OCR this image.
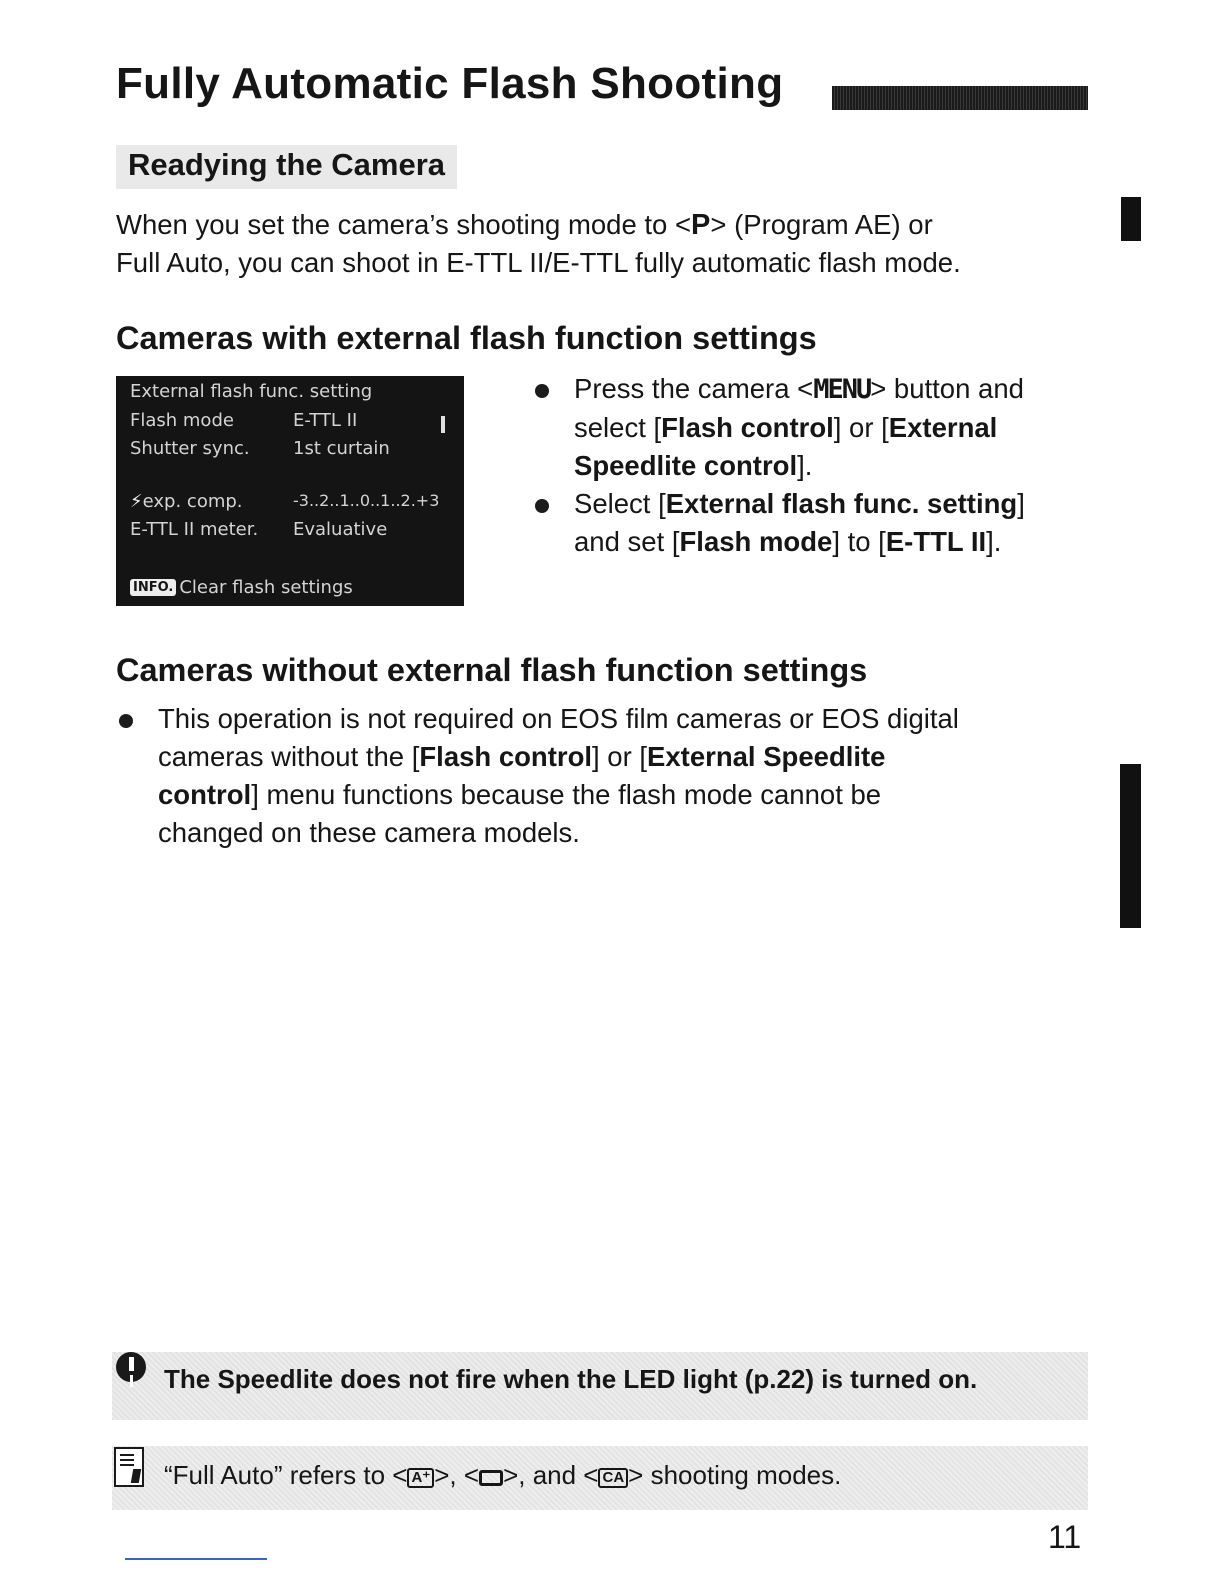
Fully Automatic Flash Shooting
Readying the Camera
When you set the camera’s shooting mode to <P> (Program AE) or
Full Auto, you can shoot in E-TTL II/E-TTL fully automatic flash mode.
Cameras with external flash function settings
External flash func. setting
Flash mode	E-TTL II
Shutter sync. 1st curtain
⚡exp. comp.	-3..2..1..0..1..2.+3
E-TTL II meter. Evaluative
INFO. Clear flash settings
Press the camera <MENU> button and
select [Flash control] or [External
Speedlite control].
Select [External flash func. setting]
and set [Flash mode] to [E-TTL II].
Cameras without external flash function settings
This operation is not required on EOS film cameras or EOS digital
cameras without the [Flash control] or [External Speedlite
control] menu functions because the flash mode cannot be
changed on these camera models.
The Speedlite does not fire when the LED light (p.22) is turned on.
“Full Auto” refers to < A⁺ >, < >, and < CA > shooting modes.
11
